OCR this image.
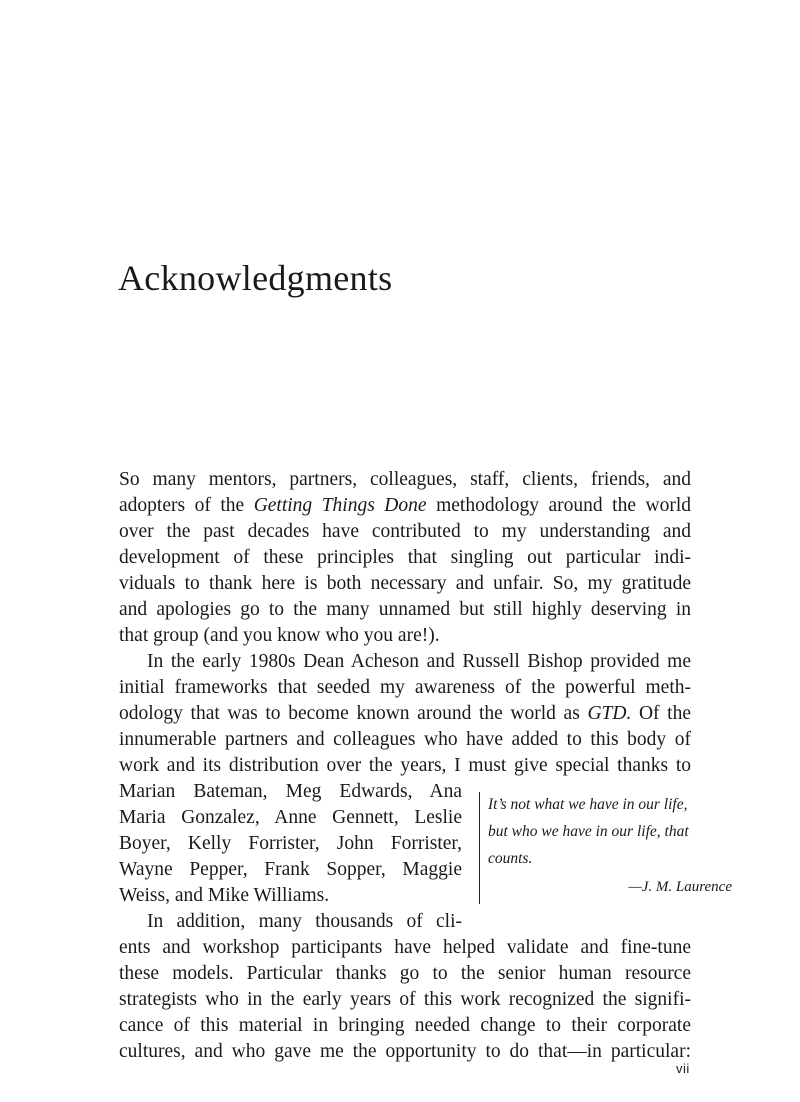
Acknowledgments
So many mentors, partners, colleagues, staff, clients, friends, and
adopters of the Getting Things Done methodology around the world
over the past decades have contributed to my understanding and
development of these principles that singling out particular indi-
viduals to thank here is both necessary and unfair. So, my gratitude
and apologies go to the many unnamed but still highly deserving in
that group (and you know who you are!).
In the early 1980s Dean Acheson and Russell Bishop provided me
initial frameworks that seeded my awareness of the powerful meth-
odology that was to become known around the world as GTD. Of the
innumerable partners and colleagues who have added to this body of
work and its distribution over the years, I must give special thanks to
Marian Bateman, Meg Edwards, Ana
Maria Gonzalez, Anne Gennett, Leslie
Boyer, Kelly Forrister, John Forrister,
Wayne Pepper, Frank Sopper, Maggie
Weiss, and Mike Williams.
In addition, many thousands of cli-
ents and workshop participants have helped validate and fine-tune
these models. Particular thanks go to the senior human resource
strategists who in the early years of this work recognized the signifi-
cance of this material in bringing needed change to their corporate
cultures, and who gave me the opportunity to do that—in particular:
It’s not what we have in our life,
but who we have in our life, that
counts.
—J. M. Laurence
vii
